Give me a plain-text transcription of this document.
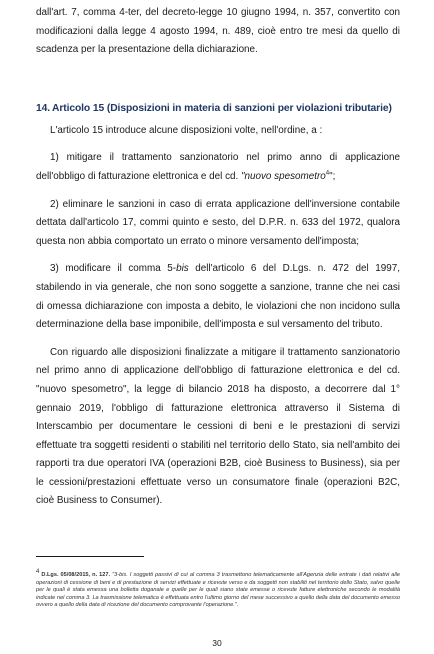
dall'art. 7, comma 4-ter, del decreto-legge 10 giugno 1994, n. 357, convertito con modificazioni dalla legge 4 agosto 1994, n. 489, cioè entro tre mesi da quello di scadenza per la presentazione della dichiarazione.

14. Articolo 15 (Disposizioni in materia di sanzioni per violazioni tributarie)

L'articolo 15 introduce alcune disposizioni volte, nell'ordine, a :

1) mitigare il trattamento sanzionatorio nel primo anno di applicazione dell'obbligo di fatturazione elettronica e del cd. "nuovo spesometro$^4$";

2) eliminare le sanzioni in caso di errata applicazione dell'inversione contabile dettata dall'articolo 17, commi quinto e sesto, del D.P.R. n. 633 del 1972, qualora questa non abbia comportato un errato o minore versamento dell'imposta;

3) modificare il comma 5-bis dell'articolo 6 del D.Lgs. n. 472 del 1997, stabilendo in via generale, che non sono soggette a sanzione, tranne che nei casi di omessa dichiarazione con imposta a debito, le violazioni che non incidono sulla determinazione della base imponibile, dell'imposta e sul versamento del tributo.

Con riguardo alle disposizioni finalizzate a mitigare il trattamento sanzionatorio nel primo anno di applicazione dell'obbligo di fatturazione elettronica e del cd. "nuovo spesometro", la legge di bilancio 2018 ha disposto, a decorrere dal 1° gennaio 2019, l'obbligo di fatturazione elettronica attraverso il Sistema di Interscambio per documentare le cessioni di beni e le prestazioni di servizi effettuate tra soggetti residenti o stabiliti nel territorio dello Stato, sia nell'ambito dei rapporti tra due operatori IVA (operazioni B2B, cioè Business to Business), sia per le cessioni/prestazioni effettuate verso un consumatore finale (operazioni B2C, cioè Business to Consumer).

$^4$ D.Lgs. 05/08/2015, n. 127. "3-bis. I soggetti passivi di cui al comma 3 trasmettono telematicamente all'Agenzia delle entrate i dati relativi alle operazioni di cessione di beni e di prestazione di servizi effettuate e ricevute verso e da soggetti non stabiliti nel territorio dello Stato, salvo quelle per le quali è stata emessa una bolletta doganale e quelle per le quali siano state emesse o ricevute fatture elettroniche secondo le modalità indicate nel comma 3. La trasmissione telematica è effettuata entro l'ultimo giorno del mese successivo a quello della data del documento emesso ovvero a quello della data di ricezione del documento comprovante l'operazione.".
30
